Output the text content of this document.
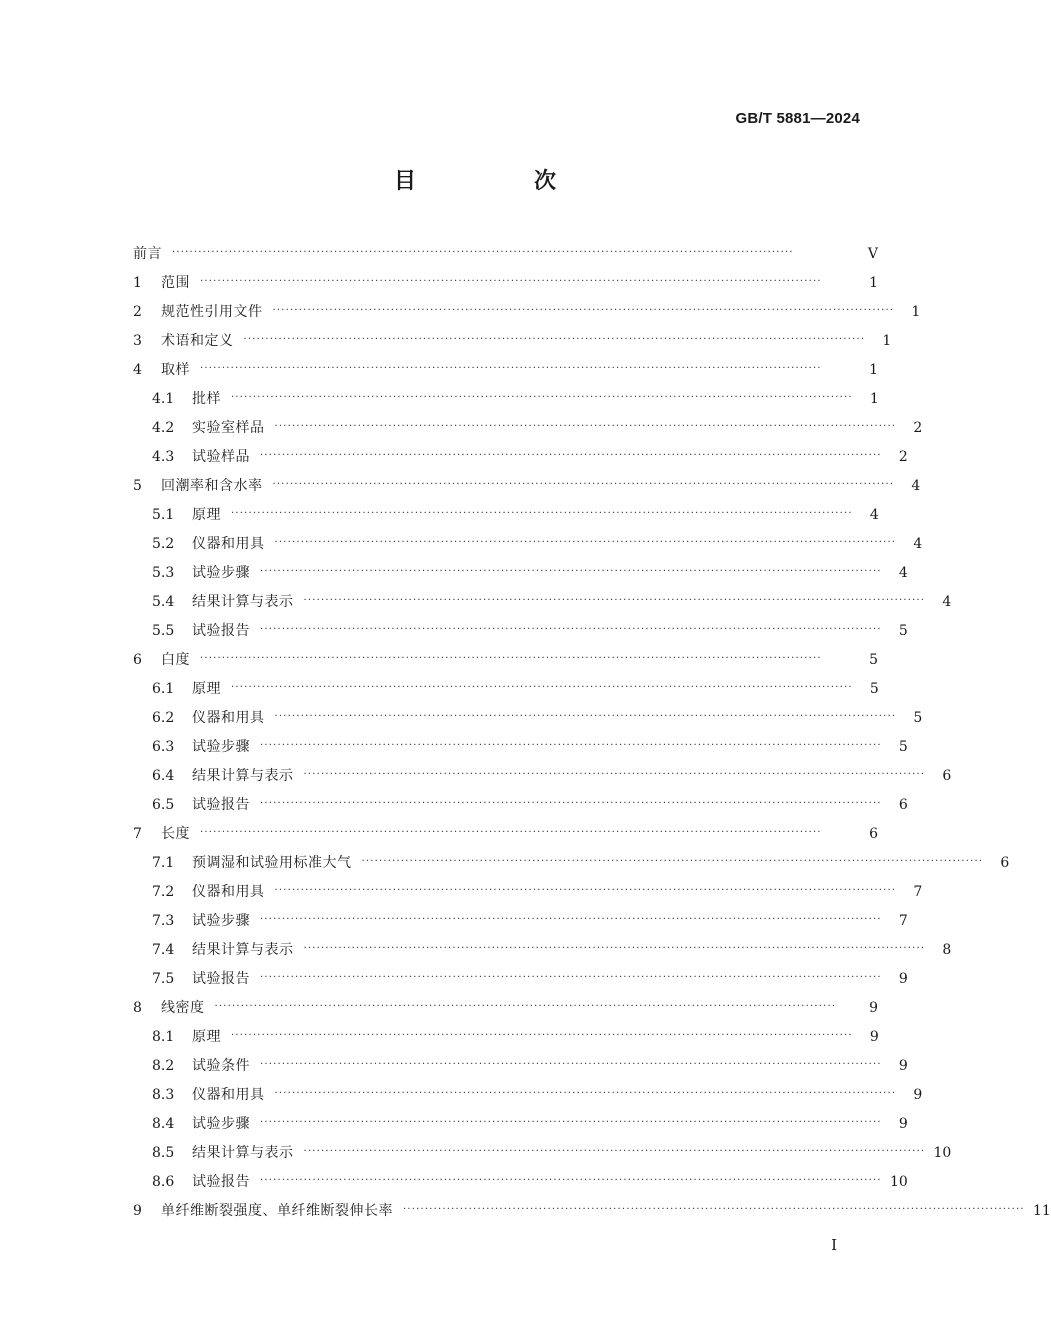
GB/T 5881—2024
目　次
前言	··············································································································································	V
1	范围	··············································································································································	1
2	规范性引用文件	··············································································································································	1
3	术语和定义	··············································································································································	1
4	取样	··············································································································································	1
4.1	批样	··············································································································································	1
4.2	实验室样品	··············································································································································	2
4.3	试验样品	··············································································································································	2
5	回潮率和含水率	··············································································································································	4
5.1	原理	··············································································································································	4
5.2	仪器和用具	··············································································································································	4
5.3	试验步骤	··············································································································································	4
5.4	结果计算与表示	··············································································································································	4
5.5	试验报告	··············································································································································	5
6	白度	··············································································································································	5
6.1	原理	··············································································································································	5
6.2	仪器和用具	··············································································································································	5
6.3	试验步骤	··············································································································································	5
6.4	结果计算与表示	··············································································································································	6
6.5	试验报告	··············································································································································	6
7	长度	··············································································································································	6
7.1	预调湿和试验用标准大气	··············································································································································	6
7.2	仪器和用具	··············································································································································	7
7.3	试验步骤	··············································································································································	7
7.4	结果计算与表示	··············································································································································	8
7.5	试验报告	··············································································································································	9
8	线密度	··············································································································································	9
8.1	原理	··············································································································································	9
8.2	试验条件	··············································································································································	9
8.3	仪器和用具	··············································································································································	9
8.4	试验步骤	··············································································································································	9
8.5	结果计算与表示	·············································································································································· 10
8.6	试验报告	·············································································································································· 10
9	单纤维断裂强度、单纤维断裂伸长率	·············································································································································· 11
I
